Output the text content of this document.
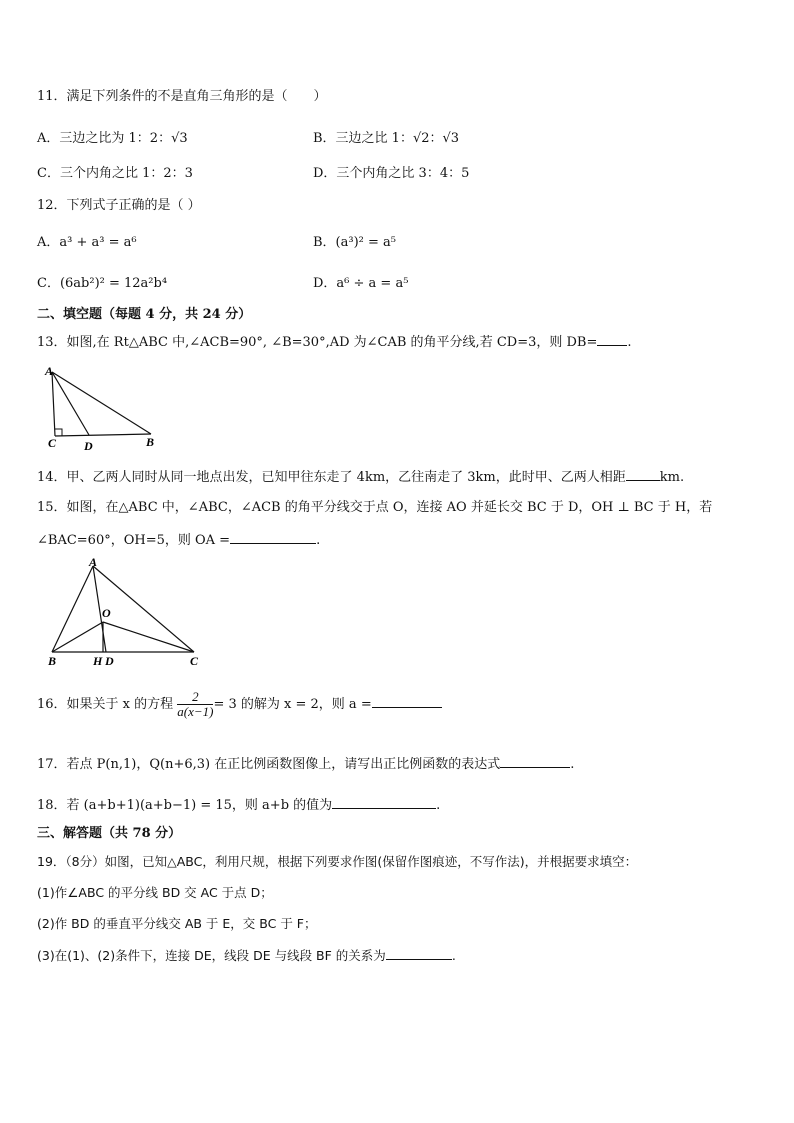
11．满足下列条件的不是直角三角形的是（　　）
A．三边之比为 1：2：√3	B．三边之比 1：√2：√3
C．三个内角之比 1：2：3	D．三个内角之比 3：4：5
12．下列式子正确的是（ ）
A．a³ + a³ = a⁶	B．(a³)² = a⁵
C．(6ab²)² = 12a²b⁴	D．a⁶ ÷ a = a⁵
二、填空题（每题 4 分，共 24 分）
13．如图,在 Rt△ABC 中,∠ACB=90°, ∠B=30°,AD 为∠CAB 的角平分线,若 CD=3，则 DB= .
A
C D	B
14．甲、乙两人同时从同一地点出发，已知甲往东走了 4km，乙往南走了 3km，此时甲、乙两人相距	km.
15．如图，在△ABC 中，∠ABC，∠ACB 的角平分线交于点 O，连接 AO 并延长交 BC 于 D，OH ⊥ BC 于 H，若
∠BAC=60°，OH=5，则 OA =	.
A
O
B	H D	C
16．如果关于 x 的方程 $\frac{2}{a(x-1)} = 3$ 的解为 x = 2，则 a =
17．若点 P(n,1)，Q(n+6,3) 在正比例函数图像上，请写出正比例函数的表达式	.
18．若 (a+b+1)(a+b−1) = 15，则 a+b 的值为	.
三、解答题（共 78 分）
19．（8分）如图，已知△ABC，利用尺规，根据下列要求作图(保留作图痕迹，不写作法)，并根据要求填空：
(1)作∠ABC 的平分线 BD 交 AC 于点 D；
(2)作 BD 的垂直平分线交 AB 于 E，交 BC 于 F；
(3)在(1)、(2)条件下，连接 DE，线段 DE 与线段 BF 的关系为	.
